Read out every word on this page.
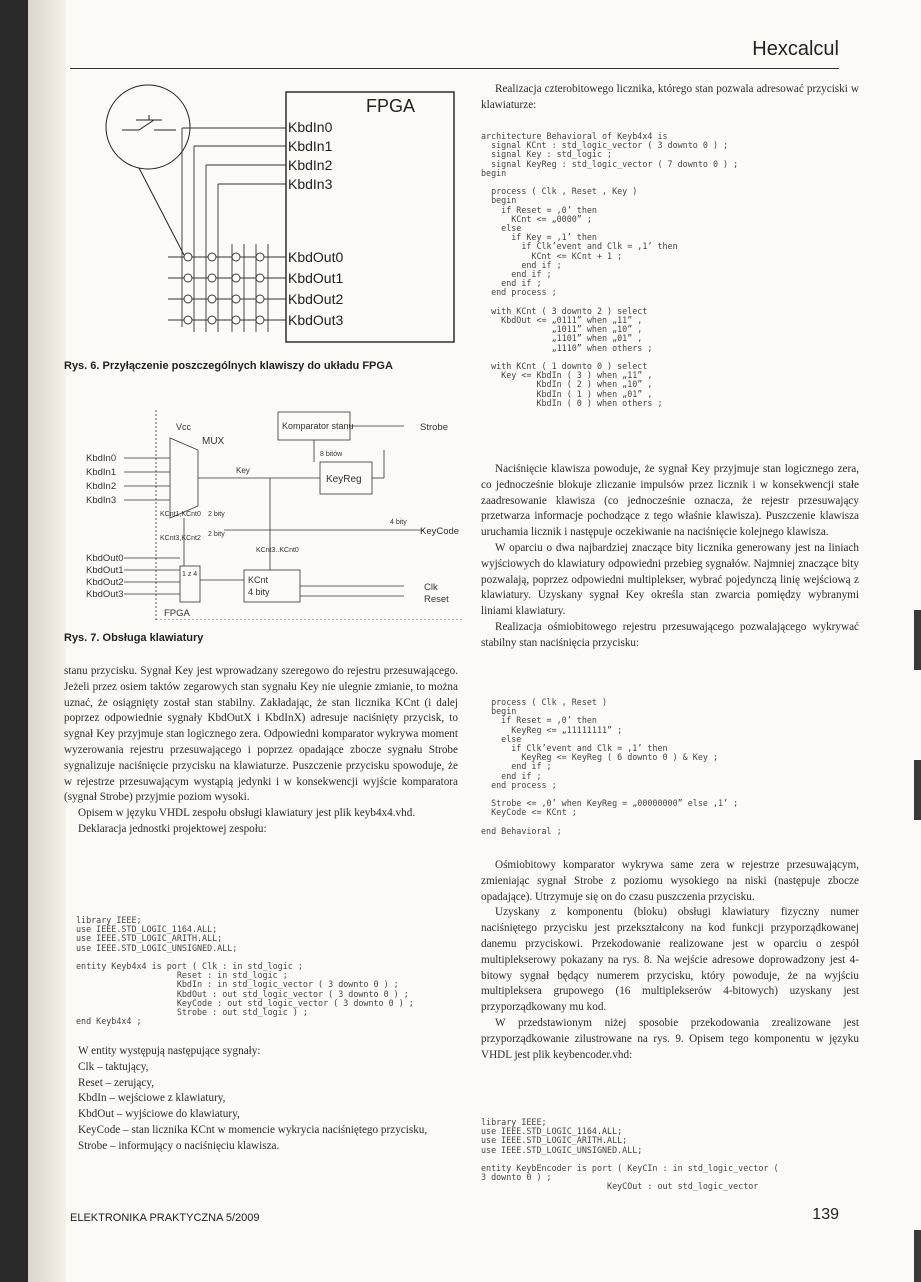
Hexcalcul
FPGA
KbdIn0
KbdIn1
KbdIn2
KbdIn3
KbdOut0
KbdOut1
KbdOut2
KbdOut3
Rys. 6. Przyłączenie poszczególnych klawiszy do układu FPGA
Vcc
MUX
KbdIn0
KbdIn1
KbdIn2
KbdIn3
KbdOut0
KbdOut1
KbdOut2
KbdOut3
Komparator stanu	Strobe
8 bitów
Key
KeyReg
4 bity
KeyCode
KCnt1,KCnt0 2 bity
KCnt3,KCnt2
2 bity
KCnt3..KCnt0
1 z 4
KCnt
4 bity	Clk
Reset
FPGA
Rys. 7. Obsługa klawiatury

stanu przycisku. Sygnał Key jest wprowadzany szeregowo do rejestru przesuwającego. Jeżeli przez osiem taktów zegarowych stan sygnału Key nie ulegnie zmianie, to można uznać, że osiągnięty został stan stabilny. Zakładając, że stan licznika KCnt (i dalej poprzez odpowiednie sygnały KbdOutX i KbdInX) adresuje naciśnięty przycisk, to sygnał Key przyjmuje stan logicznego zera. Odpowiedni komparator wykrywa moment wyzerowania rejestru przesuwającego i poprzez opadające zbocze sygnału Strobe sygnalizuje naciśnięcie przycisku na klawiaturze. Puszczenie przycisku spowoduje, że w rejestrze przesuwającym wystąpią jedynki i w konsekwencji wyjście komparatora (sygnał Strobe) przyjmie poziom wysoki.

Opisem w języku VHDL zespołu obsługi klawiatury jest plik keyb4x4.vhd.

Deklaracja jednostki projektowej zespołu:

library IEEE;
use IEEE.STD_LOGIC_1164.ALL;
use IEEE.STD_LOGIC_ARITH.ALL;
use IEEE.STD_LOGIC_UNSIGNED.ALL;

entity Keyb4x4 is port ( Clk : in std_logic ;
Reset : in std_logic ;
KbdIn : in std_logic_vector ( 3 downto 0 ) ;
KbdOut : out std_logic_vector ( 3 downto 0 ) ;
KeyCode : out std_logic_vector ( 3 downto 0 ) ;
Strobe : out std_logic ) ;
end Keyb4x4 ;

W entity występują następujące sygnały:

Clk – taktujący,

Reset – zerujący,

KbdIn – wejściowe z klawiatury,

KbdOut – wyjściowe do klawiatury,

KeyCode – stan licznika KCnt w momencie wykrycia naciśniętego przycisku,

Strobe – informujący o naciśnięciu klawisza.

Realizacja czterobitowego licznika, którego stan pozwala adresować przyciski w klawiaturze:

architecture Behavioral of Keyb4x4 is
signal KCnt : std_logic_vector ( 3 downto 0 ) ;
signal Key : std_logic ;
signal KeyReg : std_logic_vector ( 7 downto 0 ) ;
begin

process ( Clk , Reset , Key )
begin
if Reset = ‚0’ then
KCnt <= „0000” ;
else
if Key = ‚1’ then
if Clk’event and Clk = ‚1’ then
KCnt <= KCnt + 1 ;
end if ;
end if ;
end if ;
end process ;

with KCnt ( 3 downto 2 ) select
KbdOut <= „0111” when „11” ,
„1011” when „10” ,
„1101” when „01” ,
„1110” when others ;

with KCnt ( 1 downto 0 ) select
Key <= KbdIn ( 3 ) when „11” ,
KbdIn ( 2 ) when „10” ,
KbdIn ( 1 ) when „01” ,
KbdIn ( 0 ) when others ;

Naciśnięcie klawisza powoduje, że sygnał Key przyjmuje stan logicznego zera, co jednocześnie blokuje zliczanie impulsów przez licznik i w konsekwencji stałe zaadresowanie klawisza (co jednocześnie oznacza, że rejestr przesuwający przetwarza informacje pochodzące z tego właśnie klawisza). Puszczenie klawisza uruchamia licznik i następuje oczekiwanie na naciśnięcie kolejnego klawisza.

W oparciu o dwa najbardziej znaczące bity licznika generowany jest na liniach wyjściowych do klawiatury odpowiedni przebieg sygnałów. Najmniej znaczące bity pozwalają, poprzez odpowiedni multiplekser, wybrać pojedynczą linię wejściową z klawiatury. Uzyskany sygnał Key określa stan zwarcia pomiędzy wybranymi liniami klawiatury.

Realizacja ośmiobitowego rejestru przesuwającego pozwalającego wykrywać stabilny stan naciśnięcia przycisku:

process ( Clk , Reset )
begin
if Reset = ‚0’ then
KeyReg <= „11111111” ;
else
if Clk’event and Clk = ‚1’ then
KeyReg <= KeyReg ( 6 downto 0 ) & Key ;
end if ;
end if ;
end process ;

Strobe <= ‚0’ when KeyReg = „00000000” else ‚1’ ;
KeyCode <= KCnt ;

end Behavioral ;

Ośmiobitowy komparator wykrywa same zera w rejestrze przesuwającym, zmieniając sygnał Strobe z poziomu wysokiego na niski (następuje zbocze opadające). Utrzymuje się on do czasu puszczenia przycisku.

Uzyskany z komponentu (bloku) obsługi klawiatury fizyczny numer naciśniętego przycisku jest przekształcony na kod funkcji przyporządkowanej danemu przyciskowi. Przekodowanie realizowane jest w oparciu o zespół multiplekserowy pokazany na rys. 8. Na wejście adresowe doprowadzony jest 4-bitowy sygnał będący numerem przycisku, który powoduje, że na wyjściu multipleksera grupowego (16 multiplekserów 4-bitowych) uzyskany jest przyporządkowany mu kod.

W przedstawionym niżej sposobie przekodowania zrealizowane jest przyporządkowanie zilustrowane na rys. 9. Opisem tego komponentu w języku VHDL jest plik keybencoder.vhd:

library IEEE;
use IEEE.STD_LOGIC_1164.ALL;
use IEEE.STD_LOGIC_ARITH.ALL;
use IEEE.STD_LOGIC_UNSIGNED.ALL;

entity KeybEncoder is port ( KeyCIn : in std_logic_vector (
3 downto 0 ) ;
KeyCOut : out std_logic_vector
ELEKTRONIKA PRAKTYCZNA 5/2009	139
